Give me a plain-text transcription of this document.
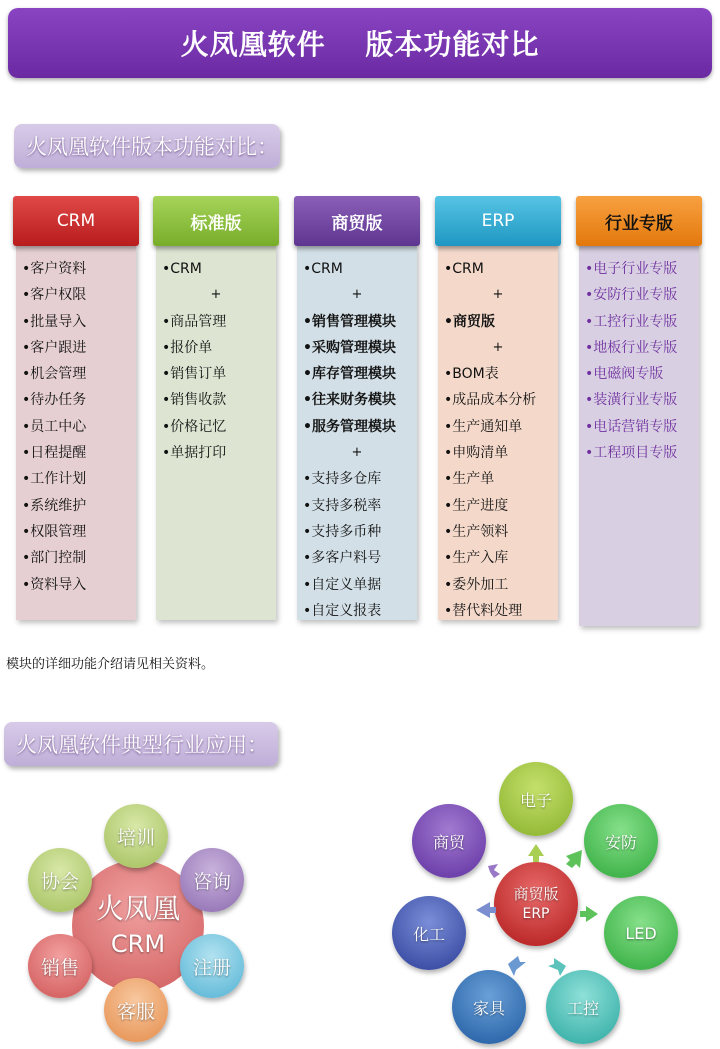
火凤凰软件　 版本功能对比
火凤凰软件版本功能对比：
CRM
•客户资料
•客户权限
•批量导入
•客户跟进
•机会管理
•待办任务
•员工中心
•日程提醒
•工作计划
•系统维护
•权限管理
•部门控制
•资料导入
标准版
•CRM
+
•商品管理
•报价单
•销售订单
•销售收款
•价格记忆
•单据打印
商贸版
•CRM
+
•销售管理模块
•采购管理模块
•库存管理模块
•往来财务模块
•服务管理模块
+
•支持多仓库
•支持多税率
•支持多币种
•多客户料号
•自定义单据
•自定义报表
ERP
•CRM
+
•商贸版
+
•BOM表
•成品成本分析
•生产通知单
•申购清单
•生产单
•生产进度
•生产领料
•生产入库
•委外加工
•替代料处理
行业专版
•电子行业专版
•安防行业专版
•工控行业专版
•地板行业专版
•电磁阀专版
•装潢行业专版
•电话营销专版
•工程项目专版
模块的详细功能介绍请见相关资料。
火凤凰软件典型行业应用：
火凤凰
CRM
培训
咨询
注册
客服
销售
协会
商贸版
ERP
电子
安防
LED
工控
家具
化工
商贸
